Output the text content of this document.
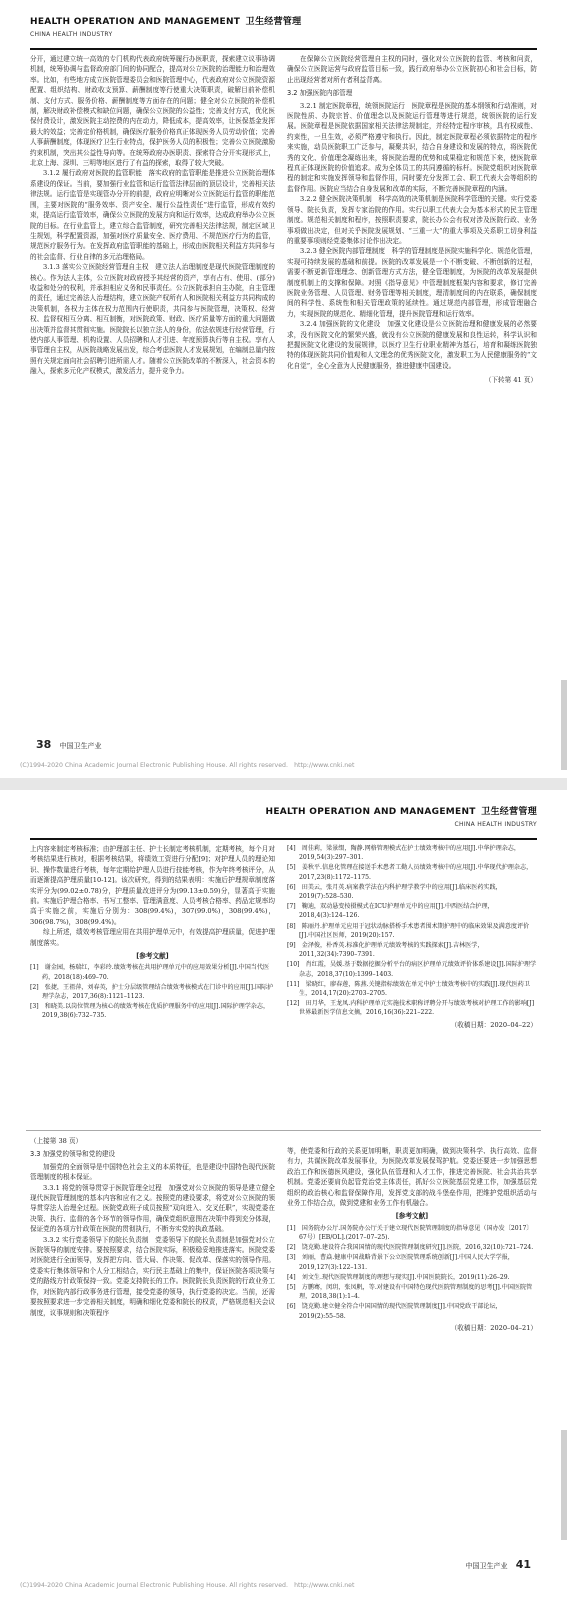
HEALTH OPERATION AND MANAGEMENT 卫生经营管理
CHINA HEALTH INDUSTRY

分开，通过建立统一高效的专门机构代表政府统筹履行办医职责，探索建立议事协调机制，统筹协调与监督政府部门间的协同配合，提高对公立医院的治理能力和治理效率。比如，有些地方成立医院管理委员会和医院管理中心，代表政府对公立医院资源配置、组织结构、财政收支预算、薪酬制度等行使重大决策职责，破解目前补偿机制、支付方式、服务价格、薪酬制度等方面存在的问题；健全对公立医院的补偿机制，解决财政补偿模式和缺位问题，确保公立医院的公益性；完善支付方式，优化医保付费设计，激发医院主动控费的内在动力，降低成本，提高效率，让医保基金发挥最大的效益；完善定价格机制，确保医疗服务价格真正体现医务人员劳动价值；完善人事薪酬制度，体现医疗卫生行业特点，保护医务人员的积极性；完善公立医院激励约束机制，突出其公益性导向等。在统筹政府办医职责、探索符合分开实现形式上，北京上海、深圳、三明等地区进行了有益的探索，取得了较大突破。

3.1.2 履行政府对医院的监管职能　落实政府的监管职能是推进公立医院治理体系建设的保证。当前，要加强行业监管和运行监管法律层面的顶层设计，完善相关法律法规。运行监管是实现管办分开的前提，政府应明晰对公立医院运行监管的职能范围，主要对医院的“服务效率、资产安全、履行公益性责任”进行监管，形成有效约束，提高运行监管效率，确保公立医院的发展方向和运行效率，达成政府举办公立医院的目标。在行业监管上，建立综合监管制度，研究完善相关法律法规，制定区域卫生规划，科学配置资源，加强对医疗质量安全、医疗费用、不规范医疗行为的监管，规范医疗服务行为。在发挥政府监管职能的基础上，形成由医院相关利益方共同参与的社会监督、行业自律的多元治理格局。

3.1.3 落实公立医院经营管理自主权　建立法人治理制度是现代医院管理制度的核心。作为法人主体，公立医院对政府授予其经营的资产，享有占有、使用、(部分)收益和处分的权利，并承担相应义务和民事责任。公立医院承担自主办院，自主管理的责任，通过完善法人治理结构，建立医院产权所有人和医院相关利益方共同构成的决策机制，各权力主体在权力范围内行使职责，共同参与医院管理，决策权、经营权、监督权相互分离、相互制衡，对医院政策、财政、医疗质量等方面的重大问题做出决策并监督其贯彻实施。医院院长以独立法人的身份，依法依规进行经营管理，行使内部人事管理、机构设置、人员招聘和人才引进、年度预算执行等自主权。享有人事管理自主权，从医院战略发展出发，综合考虑医院人才发展规划，在编制总量内按照有关规定面向社会招聘引进所需人才。随着公立医院改革的不断深入，社会资本的融入，探索多元化产权模式，激发活力，提升竞争力。

在保障公立医院经营管理自主权的同时，强化对公立医院的监管、考核和问责，确保公立医院运营与政府监管目标一致，践行政府举办公立医院初心和社会目标，防止出现经营者对所有者利益背离。

3.2 加强医院内部管理

3.2.1 制定医院章程，统领医院运行　医院章程是医院的基本纲领和行动准则，对医院性质、办院宗旨、价值理念以及医院运行管理等进行规范，统领医院的运行发展。医院章程是医院依据国家相关法律法规制定，并经特定程序审核，具有权威性、约束性，一旦生效，必须严格遵守和执行。因此，制定医院章程必须依据特定的程序来实施，动员医院职工广泛参与，凝聚共识，结合自身建设和发展的特点，将医院优秀的文化、价值理念凝练出来，将医院治理的优势和成果稳定和规范下来，使医院章程真正体现医院的价值追求。成为全体员工的共同遵循的标杆。医院党组织对医院章程的制定和实施发挥领导和监督作用，同时要充分发挥工会、职工代表大会等组织的监督作用。医院应当结合自身发展和改革的实际，不断完善医院章程的内涵。

3.2.2 健全医院决策机制　科学高效的决策机制是医院科学管理的关键。实行党委领导、院长负责，发挥专家治院的作用。实行以职工代表大会为基本形式的民主管理制度。规范相关制度和程序，按照职责要求，院长办公会有权对涉及医院行政、业务事项做出决定，但对关乎医院发展规划、“三重一大”的重大事项及关系职工切身利益的重要事项则经党委集体讨论作出决定。

3.2.3 健全医院内部管理制度　科学的管理制度是医院实施科学化、规范化管理，实现可持续发展的基础和前提。医院的改革发展是一个不断变破、不断创新的过程，需要不断更新管理理念、创新管理方式方法，健全管理制度，为医院的改革发展提供制度机制上的支撑和保障。对照《指导意见》中管理制度框架内容和要求，修订完善医院业务管理、人员管理、财务管理等相关制度，理清制度间的内在联系，确保制度间的科学性、系统性和相关管理政策的延续性。通过规范内部管理，形成管理融合力，实现医院的规范化、精细化管理，提升医院管理和运行效率。

3.2.4 加强医院的文化建设　加强文化建设是公立医院治理和健康发展的必然要求，没有医院文化的繁荣兴盛，就没有公立医院的健康发展和良性运转，科学认识和把握医院文化建设的发展规律，以医疗卫生行业职业精神为基石，培育和凝练医院独特的体现医院共同价值观和人文理念的优秀医院文化，激发职工为人民健康服务的“文化自觉”，全心全意为人民健康服务，推进健康中国建设。

（下转第 41 页）
38 中国卫生产业
(C)1994-2020 China Academic Journal Electronic Publishing House. All rights reserved.　http://www.cnki.net
HEALTH OPERATION AND MANAGEMENT 卫生经营管理
CHINA HEALTH INDUSTRY

上内容来制定考核标准；由护理部主任、护士长制定考核机制，定期考核，每个月对考核结果进行核对，根据考核结果，将绩效工资进行分配[9]；对护理人员的理论知识、操作数量进行考核，每年定期给护理人员进行技能考核，作为年终考核评分，从而逐渐提高护理质量[10-12]。该次研究，得到的结果表明：实施后护理规章制度落实评分为(99.02±0.78)分，护理质量改进评分为(99.13±0.59)分，显著高于实施前。实施后护理合格率、书写工整率、管理满意度、人员考核合格率、药品定规率均高于实施之前，实施后分别为：308(99.4%)，307(99.0%)，308(99.4%)，306(98.7%)，308(99.4%)。

综上所述，绩效考核管理应用在共用护理单元中，有效提高护理质量，促进护理制度落实。

[参考文献]
[1]　谢金园，杨瑞红，李彩玲.绩效考核在共用护理单元中的应用效果分析[J].中国当代医药，2018(18):469–70.
[2]　张捷，王祖萍，刘春英，护士分层级管理结合绩效考核模式在门诊中的应用[J].国际护理学杂志，2017,36(8):1121–1123.
[3]　和晓美.以岗位管理为核心的绩效考核在优质护理服务中的应用[J].国际护理学杂志，2019,38(6):732–735.
[4]　周佳莉，梁景缀，陶静.网格管理模式在护士绩效考核中的应用[J].中华护理杂志，2019,54(3):297–301.
[5]　姜秋平.信息化管理在接送手术患者工勤人员绩效考核中的应用[J].中华现代护理杂志，2017,23(8):1172–1175.
[6]　田美云，张月英.病案教学法在内科护理学教学中的应用[J].临床医药实践，2019(7):528–530.
[7]　鞠迪，双动悬变按摄模式在ICU护理单元中的应用[J].中西医结合护理，2018,4(3):124–126.
[8]　陈丽丹.护理单元应用于冠状动脉搭桥手术患者围术期护理中的临床效果及满意度评价[J].中国社区医师，2019(20):157.
[9]　金泽俊，朴香英.标准化护理单元绩效考核的实践探索[J].吉林医学，2011,32(34):7390–7391.
[10]　肖红霞，吴媛.基于数据挖掘分析平台的病区护理单元绩效评价体系建设[J].国际护理学杂志，2018,37(10):1399–1403.
[11]　梁晓红，廖春莲，陈燕.关键指标绩效在单元中护士绩效考核中的实践[J].现代医药卫生，2014,17(20):2703–2705.
[12]　田月华，王龙凤.内科护理单元实施技术职称评聘分开与绩效考核对护理工作的影响[J]世界最新医学信息文摘，2016,16(36):221–222.
（收稿日期：2020–04–22）
（上接第 38 页）
3.3 加强党的领导和党的建设

加强党的全面领导是中国特色社会主义的本质特征，也是建设中国特色现代医院管理制度的根本保证。

3.3.1 将党的领导贯穿于医院管理全过程　加强党对公立医院的领导是建立健全现代医院管理制度的基本内容和应有之义。按照党的建设要求，将党对公立医院的领导贯穿法人治理全过程。医院党政班子成员按照“双向进入、交叉任职”，实现党委在决策、执行、监督的各个环节的领导作用，确保党组织意图在决策中得到充分体现，保证党的各项方针政策在医院的贯彻执行，不断夯实党的执政基础。

3.3.2 实行党委领导下的院长负责制　党委领导下的院长负责制是加强党对公立医院领导的制度安排。要按照要求，结合医院实际，积极稳妥地推进落实。医院党委对医院进行全面领导，发挥把方向、管大局、作决策、促改革、保落实的领导作用。党委实行集体领导和个人分工相结合，实行民主基础上的集中，保证医院各项决策与党的路线方针政策保持一致。党委支持院长的工作。医院院长负责医院的行政业务工作，对医院内部行政事务进行管理，接受党委的领导，执行党委的决定。当前，还需要按照要求进一步完善相关制度，明确和细化党委和院长的权责，严格规范相关会议制度，议事规则和决策程序

等，使党委和行政的关系更加明晰，职责更加明确，做到决策科学、执行高效、监督有力，共谋医院改革发展事业，为医院改革发展保驾护航。党委还要进一步加强思想政治工作和医德医风建设，强化队伍管理和人才工作，推进完善医院、社会共治共享机制。党委还要肩负起管党治党主体责任，抓好公立医院基层党建工作，加强基层党组织的政治核心和监督保障作用，发挥党支部的战斗堡垒作用，把维护党组织活动与业务工作结合点，做到党建和业务工作有机融合。

[参考文献]
[1]　国务院办公厅.国务院办公厅关于建立现代医院管理制度的指导意见（国办发〔2017〕67号）[EB/OL].(2017–07–25).
[2]　饶克勤.建设符合我国国情的现代医院管理制度研究[J].医院，2016,32(10):721–724.
[3]　刘丽，曹焱.健康中国战略背景下公立医院管理系统创新[J].中国人民大学学报，2019,127(3):122–131.
[4]　刘文生.现代医院管理制度的理想与现实[J].中国医院院长，2019(11):26–29.
[5]　方鹏骞，闵玥，张凤帆，等.对建设有中国特色现代医院管理制度的思考[J].中国医院管理，2018,38(1):1–4.
[6]　饶克勤.建立健全符合中国国情的现代医院管理制度[J].中国党政干部论坛，2019(2):55–58.
（收稿日期：2020–04–21）
中国卫生产业 41
(C)1994-2020 China Academic Journal Electronic Publishing House. All rights reserved.　http://www.cnki.net
